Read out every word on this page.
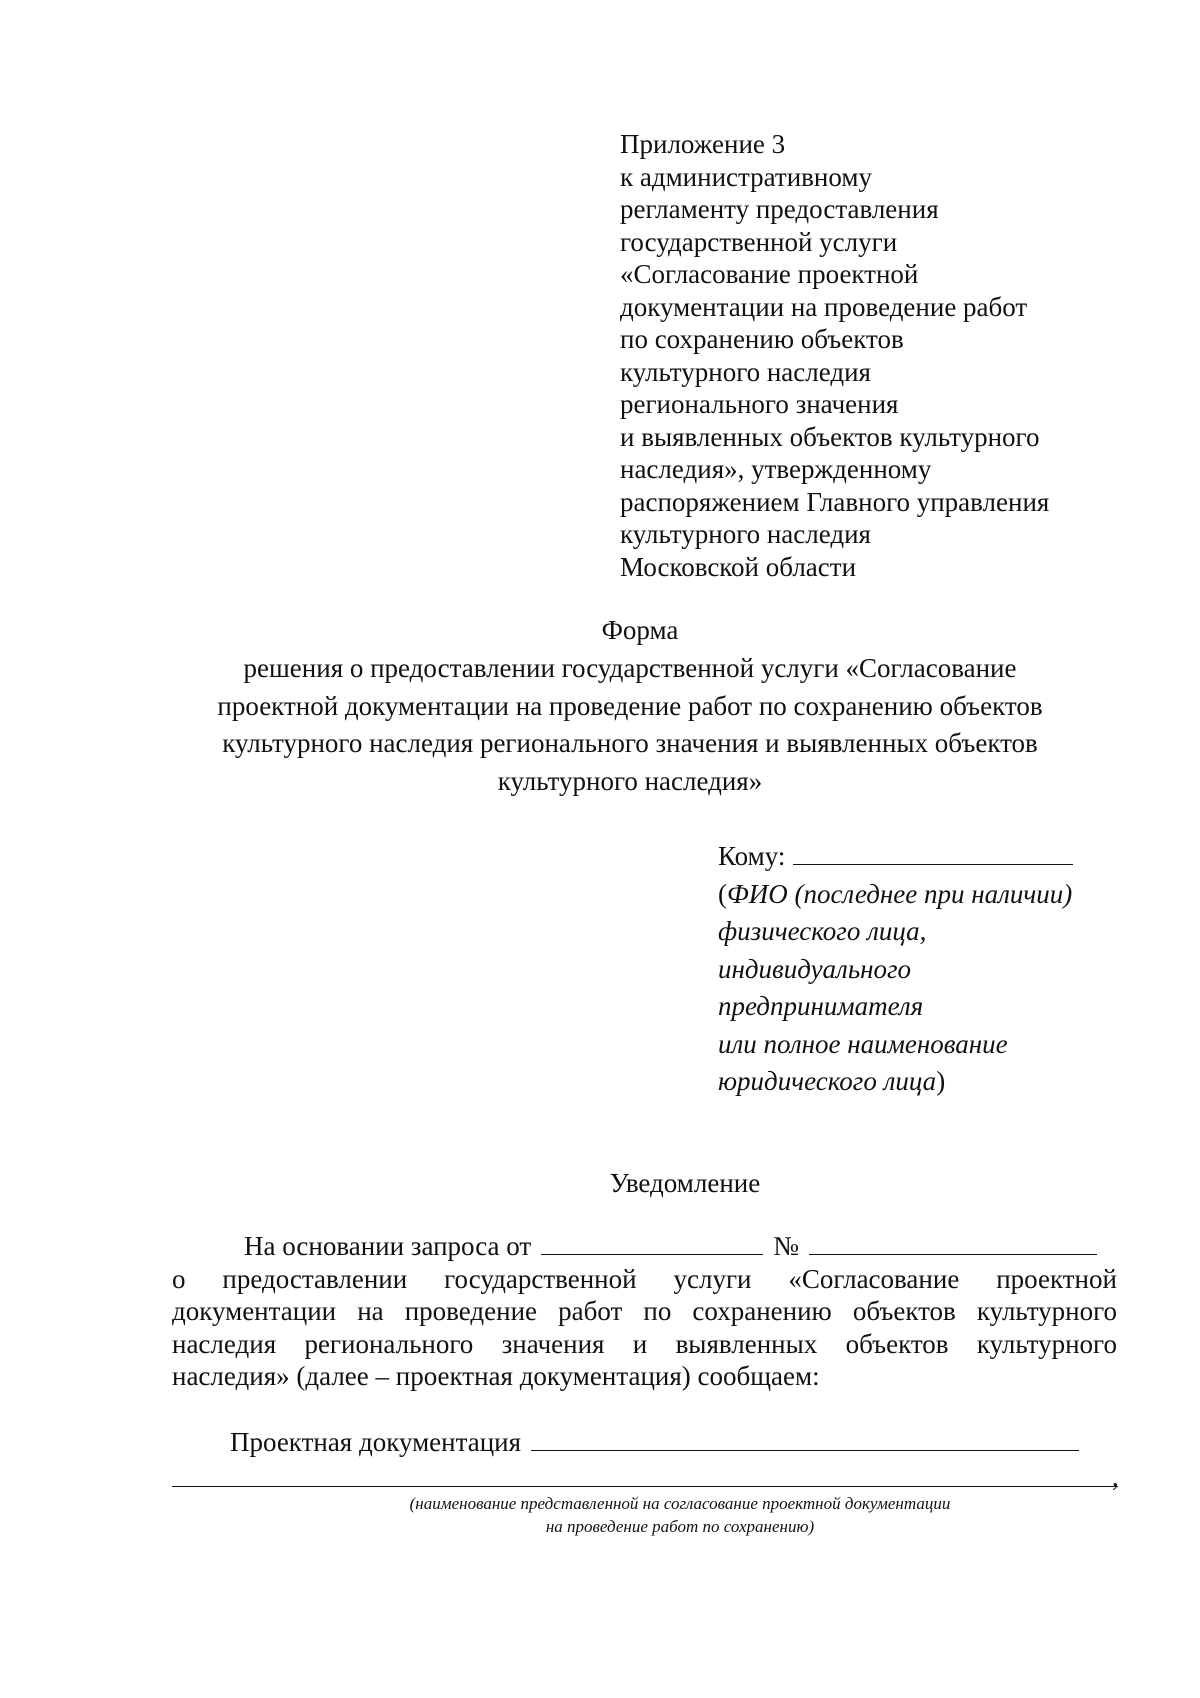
Приложение 3
к административному
регламенту предоставления
государственной услуги
«Согласование проектной
документации на проведение работ
по сохранению объектов
культурного наследия
регионального значения
и выявленных объектов культурного
наследия», утвержденному
распоряжением Главного управления
культурного наследия
Московской области
Форма
решения о предоставлении государственной услуги «Согласование
проектной документации на проведение работ по сохранению объектов
культурного наследия регионального значения и выявленных объектов
культурного наследия»
Кому:
(ФИО (последнее при наличии)
физического лица,
индивидуального
предпринимателя
или полное наименование
юридического лица)
Уведомление
На основании запроса от	№
о предоставлении государственной услуги «Согласование проектной
документации на проведение работ по сохранению объектов культурного
наследия регионального значения и выявленных объектов культурного
наследия» (далее – проектная документация) сообщаем:
Проектная документация
,
(наименование представленной на согласование проектной документации
на проведение работ по сохранению)
